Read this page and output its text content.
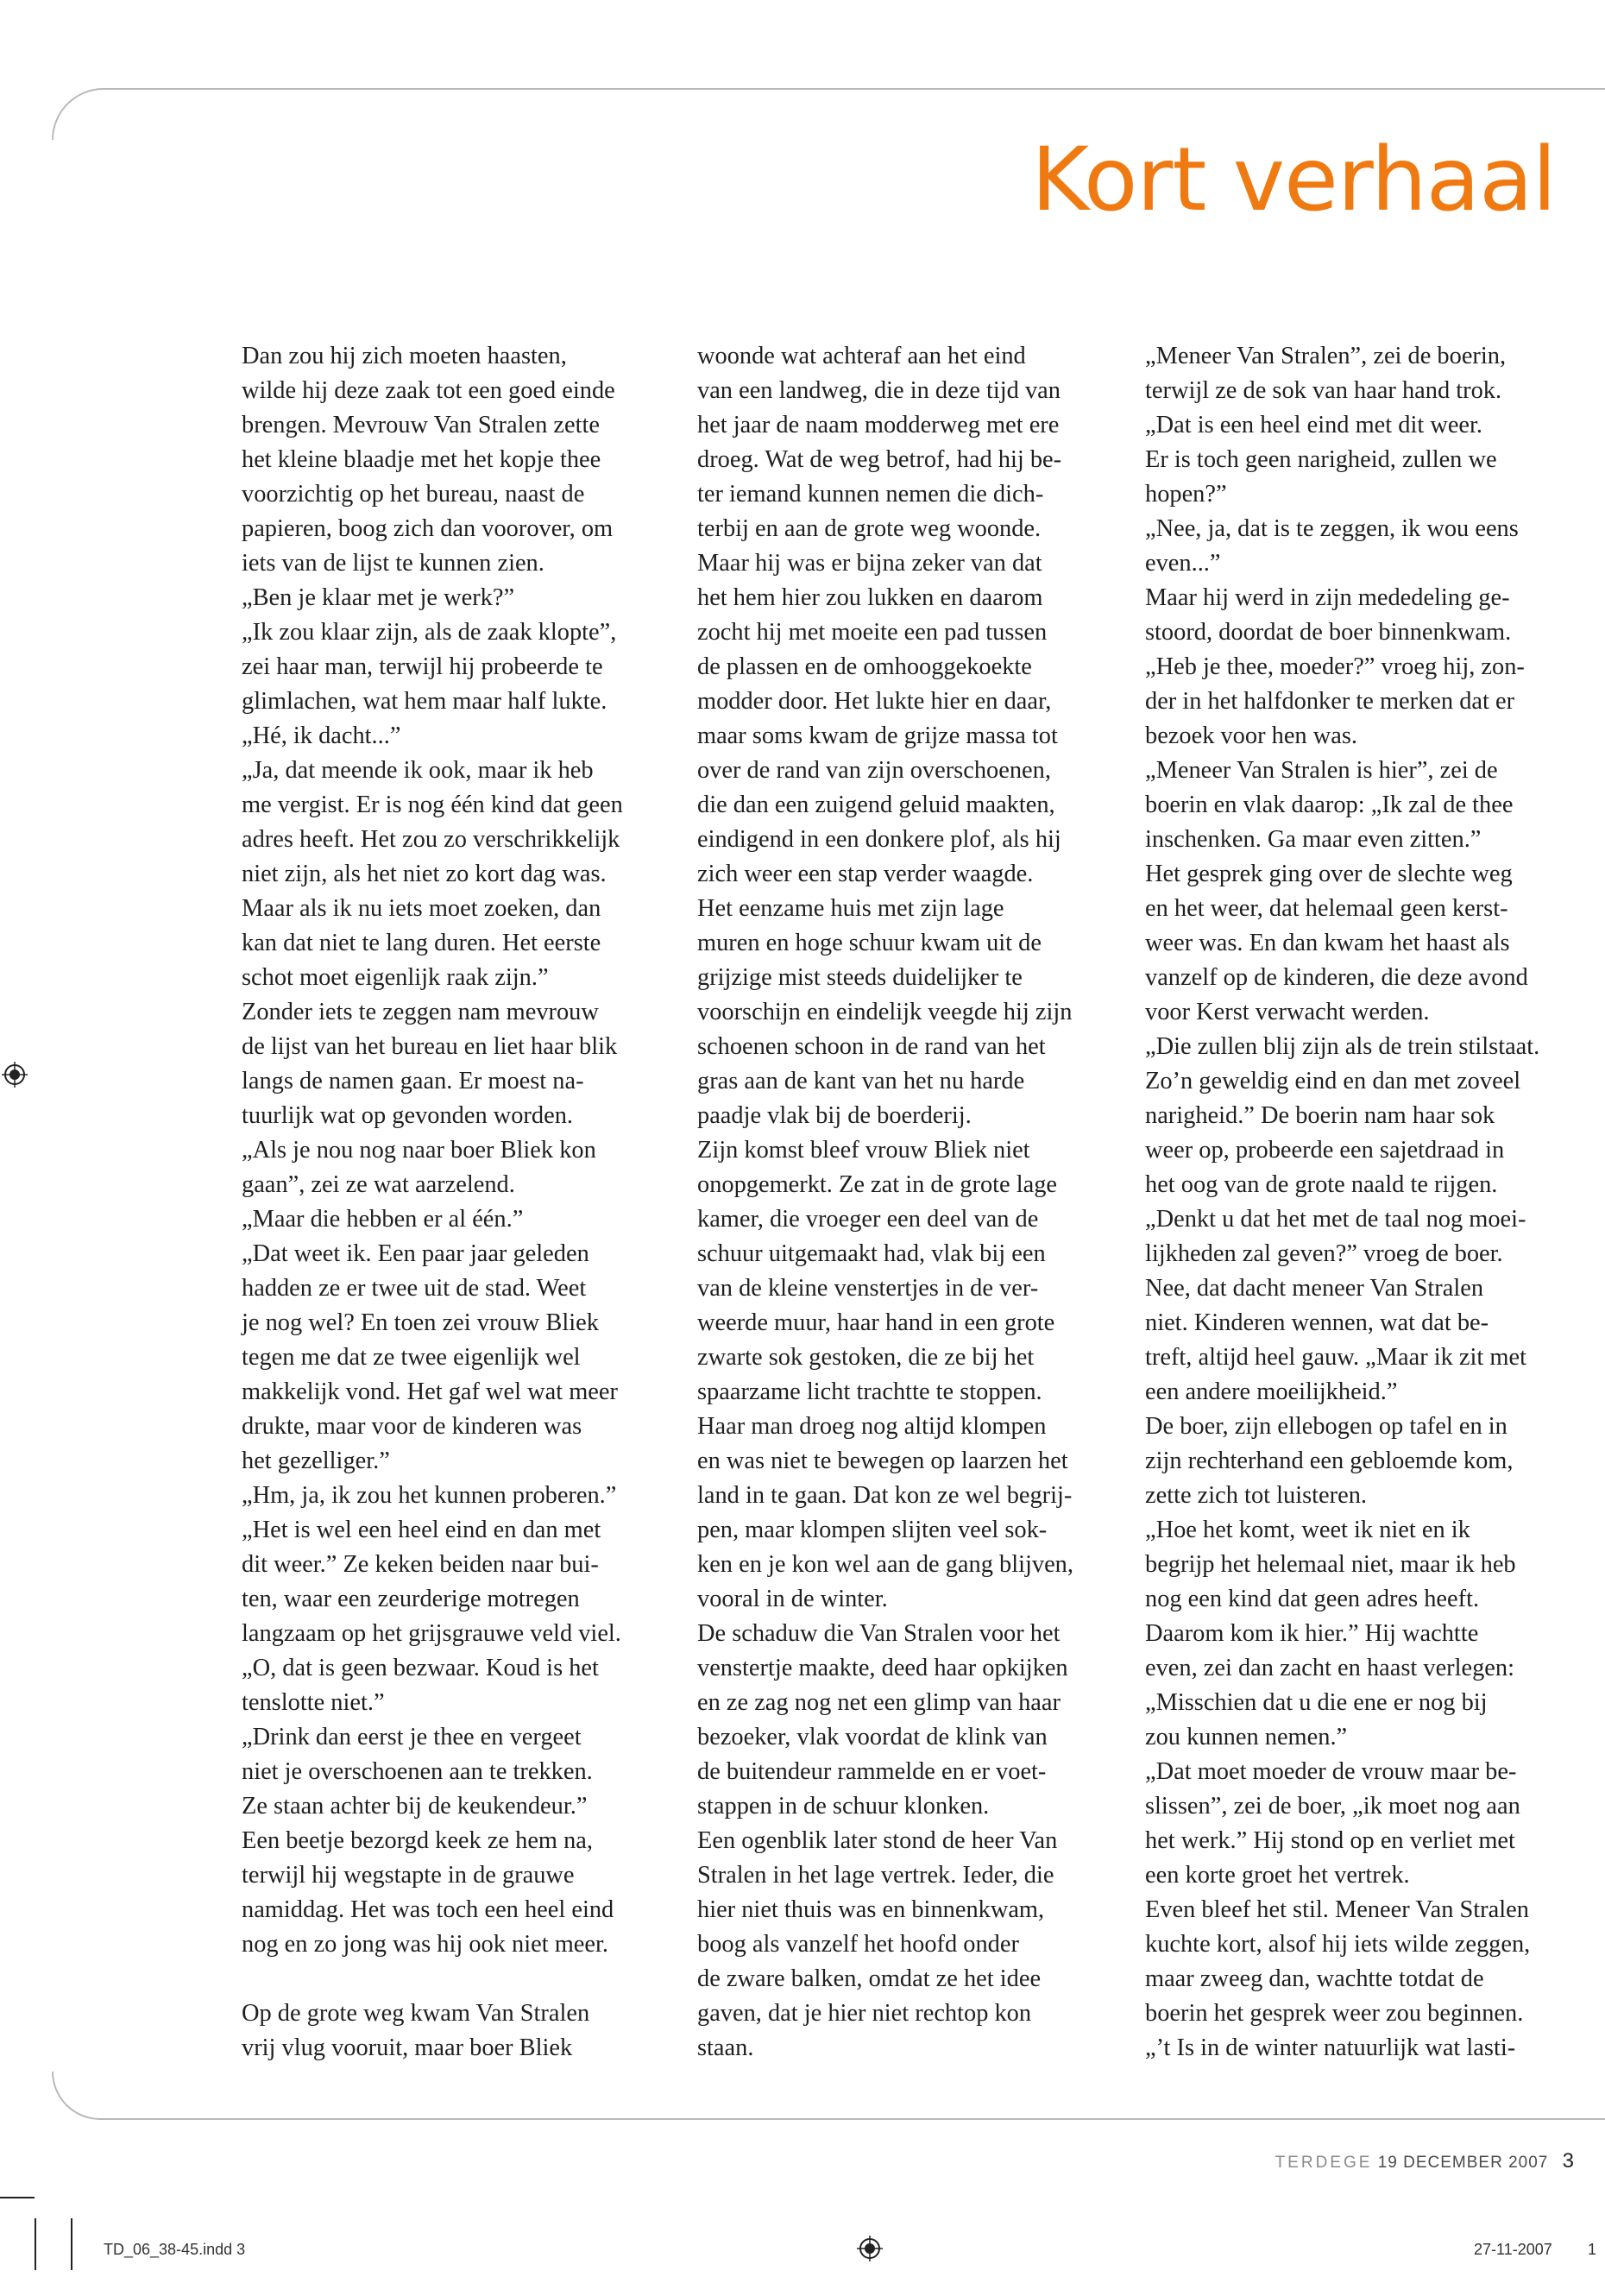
Kort verhaal
Dan zou hij zich moeten haasten,
wilde hij deze zaak tot een goed einde
brengen. Mevrouw Van Stralen zette
het kleine blaadje met het kopje thee
voorzichtig op het bureau, naast de
papieren, boog zich dan voorover, om
iets van de lijst te kunnen zien.
„Ben je klaar met je werk?”
„Ik zou klaar zijn, als de zaak klopte”,
zei haar man, terwijl hij probeerde te
glimlachen, wat hem maar half lukte.
„Hé, ik dacht...”
„Ja, dat meende ik ook, maar ik heb
me vergist. Er is nog één kind dat geen
adres heeft. Het zou zo verschrikkelijk
niet zijn, als het niet zo kort dag was.
Maar als ik nu iets moet zoeken, dan
kan dat niet te lang duren. Het eerste
schot moet eigenlijk raak zijn.”
Zonder iets te zeggen nam mevrouw
de lijst van het bureau en liet haar blik
langs de namen gaan. Er moest na-
tuurlijk wat op gevonden worden.
„Als je nou nog naar boer Bliek kon
gaan”, zei ze wat aarzelend.
„Maar die hebben er al één.”
„Dat weet ik. Een paar jaar geleden
hadden ze er twee uit de stad. Weet
je nog wel? En toen zei vrouw Bliek
tegen me dat ze twee eigenlijk wel
makkelijk vond. Het gaf wel wat meer
drukte, maar voor de kinderen was
het gezelliger.”
„Hm, ja, ik zou het kunnen proberen.”
„Het is wel een heel eind en dan met
dit weer.” Ze keken beiden naar bui-
ten, waar een zeurderige motregen
langzaam op het grijsgrauwe veld viel.
„O, dat is geen bezwaar. Koud is het
tenslotte niet.”
„Drink dan eerst je thee en vergeet
niet je overschoenen aan te trekken.
Ze staan achter bij de keukendeur.”
Een beetje bezorgd keek ze hem na,
terwijl hij wegstapte in de grauwe
namiddag. Het was toch een heel eind
nog en zo jong was hij ook niet meer.
Op de grote weg kwam Van Stralen
vrij vlug vooruit, maar boer Bliek
woonde wat achteraf aan het eind
van een landweg, die in deze tijd van
het jaar de naam modderweg met ere
droeg. Wat de weg betrof, had hij be-
ter iemand kunnen nemen die dich-
terbij en aan de grote weg woonde.
Maar hij was er bijna zeker van dat
het hem hier zou lukken en daarom
zocht hij met moeite een pad tussen
de plassen en de omhooggekoekte
modder door. Het lukte hier en daar,
maar soms kwam de grijze massa tot
over de rand van zijn overschoenen,
die dan een zuigend geluid maakten,
eindigend in een donkere plof, als hij
zich weer een stap verder waagde.
Het eenzame huis met zijn lage
muren en hoge schuur kwam uit de
grijzige mist steeds duidelijker te
voorschijn en eindelijk veegde hij zijn
schoenen schoon in de rand van het
gras aan de kant van het nu harde
paadje vlak bij de boerderij.
Zijn komst bleef vrouw Bliek niet
onopgemerkt. Ze zat in de grote lage
kamer, die vroeger een deel van de
schuur uitgemaakt had, vlak bij een
van de kleine venstertjes in de ver-
weerde muur, haar hand in een grote
zwarte sok gestoken, die ze bij het
spaarzame licht trachtte te stoppen.
Haar man droeg nog altijd klompen
en was niet te bewegen op laarzen het
land in te gaan. Dat kon ze wel begrij-
pen, maar klompen slijten veel sok-
ken en je kon wel aan de gang blijven,
vooral in de winter.
De schaduw die Van Stralen voor het
venstertje maakte, deed haar opkijken
en ze zag nog net een glimp van haar
bezoeker, vlak voordat de klink van
de buitendeur rammelde en er voet-
stappen in de schuur klonken.
Een ogenblik later stond de heer Van
Stralen in het lage vertrek. Ieder, die
hier niet thuis was en binnenkwam,
boog als vanzelf het hoofd onder
de zware balken, omdat ze het idee
gaven, dat je hier niet rechtop kon
staan.
„Meneer Van Stralen”, zei de boerin,
terwijl ze de sok van haar hand trok.
„Dat is een heel eind met dit weer.
Er is toch geen narigheid, zullen we
hopen?”
„Nee, ja, dat is te zeggen, ik wou eens
even...”
Maar hij werd in zijn mededeling ge-
stoord, doordat de boer binnenkwam.
„Heb je thee, moeder?” vroeg hij, zon-
der in het halfdonker te merken dat er
bezoek voor hen was.
„Meneer Van Stralen is hier”, zei de
boerin en vlak daarop: „Ik zal de thee
inschenken. Ga maar even zitten.”
Het gesprek ging over de slechte weg
en het weer, dat helemaal geen kerst-
weer was. En dan kwam het haast als
vanzelf op de kinderen, die deze avond
voor Kerst verwacht werden.
„Die zullen blij zijn als de trein stilstaat.
Zo’n geweldig eind en dan met zoveel
narigheid.” De boerin nam haar sok
weer op, probeerde een sajetdraad in
het oog van de grote naald te rijgen.
„Denkt u dat het met de taal nog moei-
lijkheden zal geven?” vroeg de boer.
Nee, dat dacht meneer Van Stralen
niet. Kinderen wennen, wat dat be-
treft, altijd heel gauw. „Maar ik zit met
een andere moeilijkheid.”
De boer, zijn ellebogen op tafel en in
zijn rechterhand een gebloemde kom,
zette zich tot luisteren.
„Hoe het komt, weet ik niet en ik
begrijp het helemaal niet, maar ik heb
nog een kind dat geen adres heeft.
Daarom kom ik hier.” Hij wachtte
even, zei dan zacht en haast verlegen:
„Misschien dat u die ene er nog bij
zou kunnen nemen.”
„Dat moet moeder de vrouw maar be-
slissen”, zei de boer, „ik moet nog aan
het werk.” Hij stond op en verliet met
een korte groet het vertrek.
Even bleef het stil. Meneer Van Stralen
kuchte kort, alsof hij iets wilde zeggen,
maar zweeg dan, wachtte totdat de
boerin het gesprek weer zou beginnen.
„’t Is in de winter natuurlijk wat lasti-

TERDEGE 19 DECEMBER 2007 3

TD_06_38-45.indd 3	27-11-2007 1
